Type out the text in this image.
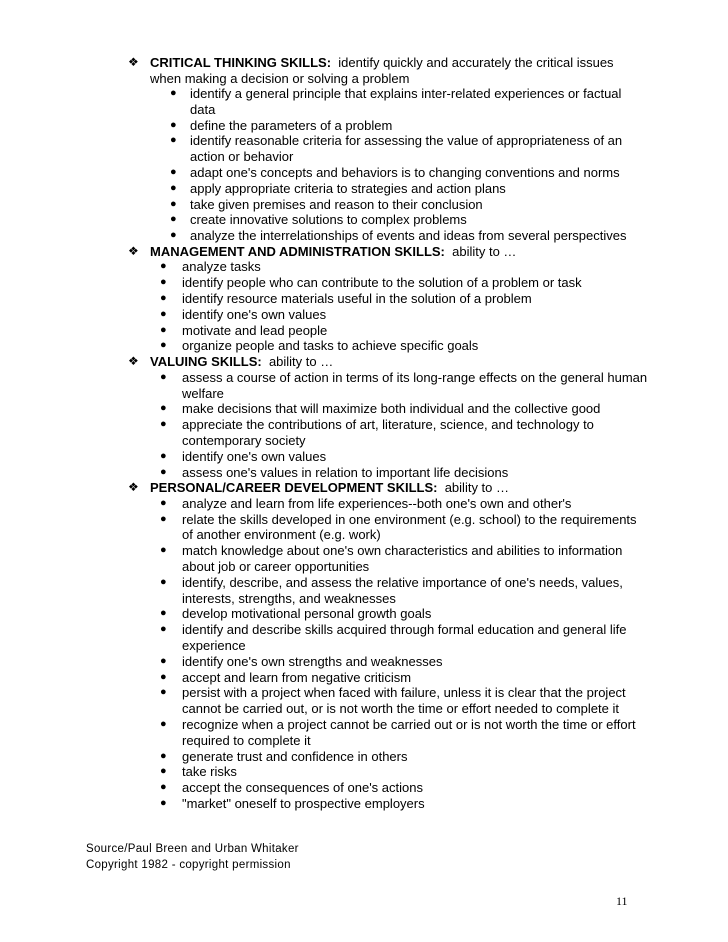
❖ CRITICAL THINKING SKILLS: identify quickly and accurately the critical issues when making a decision or solving a problem
● identify a general principle that explains inter-related experiences or factual data
● define the parameters of a problem
● identify reasonable criteria for assessing the value of appropriateness of an action or behavior
● adapt one's concepts and behaviors is to changing conventions and norms
● apply appropriate criteria to strategies and action plans
● take given premises and reason to their conclusion
● create innovative solutions to complex problems
● analyze the interrelationships of events and ideas from several perspectives
❖ MANAGEMENT AND ADMINISTRATION SKILLS: ability to …
● analyze tasks
● identify people who can contribute to the solution of a problem or task
● identify resource materials useful in the solution of a problem
● identify one's own values
● motivate and lead people
● organize people and tasks to achieve specific goals
❖ VALUING SKILLS: ability to …
● assess a course of action in terms of its long-range effects on the general human welfare
● make decisions that will maximize both individual and the collective good
● appreciate the contributions of art, literature, science, and technology to contemporary society
● identify one's own values
● assess one's values in relation to important life decisions
❖ PERSONAL/CAREER DEVELOPMENT SKILLS: ability to …
● analyze and learn from life experiences--both one's own and other's
● relate the skills developed in one environment (e.g. school) to the requirements of another environment (e.g. work)
● match knowledge about one's own characteristics and abilities to information about job or career opportunities
● identify, describe, and assess the relative importance of one's needs, values, interests, strengths, and weaknesses
● develop motivational personal growth goals
● identify and describe skills acquired through formal education and general life experience
● identify one's own strengths and weaknesses
● accept and learn from negative criticism
● persist with a project when faced with failure, unless it is clear that the project cannot be carried out, or is not worth the time or effort needed to complete it
● recognize when a project cannot be carried out or is not worth the time or effort required to complete it
● generate trust and confidence in others
● take risks
● accept the consequences of one's actions
● "market" oneself to prospective employers
Source/Paul Breen and Urban Whitaker
Copyright 1982 - copyright permission
11
